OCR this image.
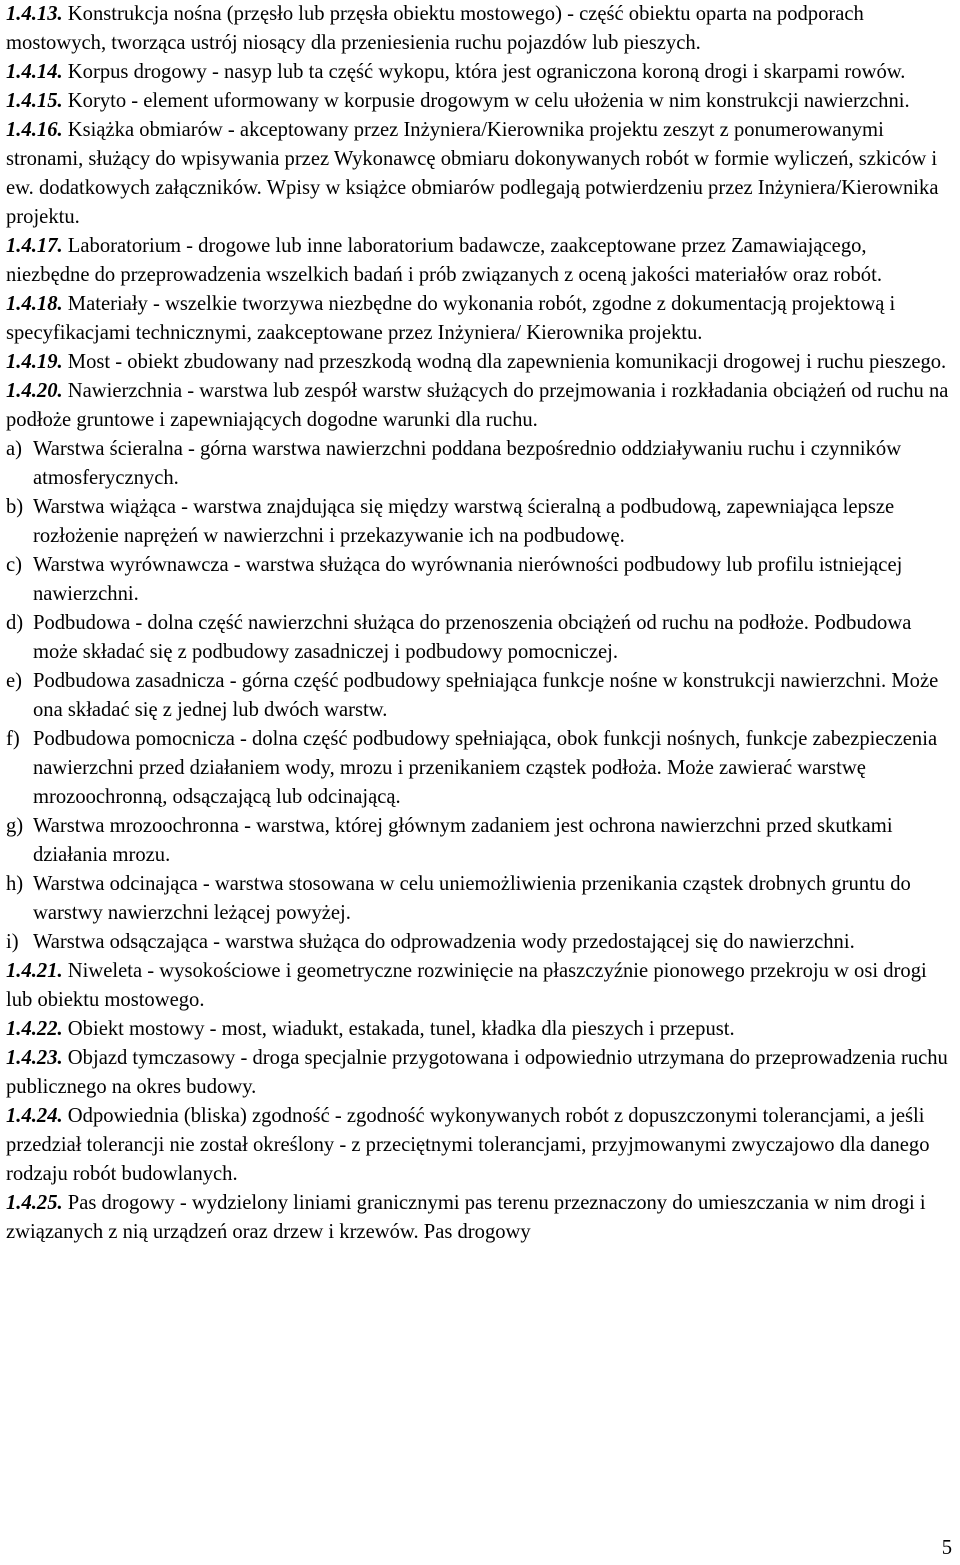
1.4.13. Konstrukcja nośna (przęsło lub przęsła obiektu mostowego) - część obiektu oparta na podporach mostowych, tworząca ustrój niosący dla przeniesienia ruchu pojazdów lub pieszych.

1.4.14. Korpus drogowy - nasyp lub ta część wykopu, która jest ograniczona koroną drogi i skarpami rowów.

1.4.15. Koryto - element uformowany w korpusie drogowym w celu ułożenia w nim konstrukcji nawierzchni.

1.4.16. Książka obmiarów - akceptowany przez Inżyniera/Kierownika projektu zeszyt z ponumerowanymi stronami, służący do wpisywania przez Wykonawcę obmiaru dokonywanych robót w formie wyliczeń, szkiców i ew. dodatkowych załączników. Wpisy w książce obmiarów podlegają potwierdzeniu przez Inżyniera/Kierownika projektu.

1.4.17. Laboratorium - drogowe lub inne laboratorium badawcze, zaakceptowane przez Zamawiającego, niezbędne do przeprowadzenia wszelkich badań i prób związanych z oceną jakości materiałów oraz robót.

1.4.18. Materiały - wszelkie tworzywa niezbędne do wykonania robót, zgodne z dokumentacją projektową i specyfikacjami technicznymi, zaakceptowane przez Inżyniera/ Kierownika projektu.

1.4.19. Most - obiekt zbudowany nad przeszkodą wodną dla zapewnienia komunikacji drogowej i ruchu pieszego.

1.4.20. Nawierzchnia - warstwa lub zespół warstw służących do przejmowania i rozkładania obciążeń od ruchu na podłoże gruntowe i zapewniających dogodne warunki dla ruchu.

a) Warstwa ścieralna - górna warstwa nawierzchni poddana bezpośrednio oddziaływaniu ruchu i czynników atmosferycznych.

b) Warstwa wiążąca - warstwa znajdująca się między warstwą ścieralną a podbudową, zapewniająca lepsze rozłożenie naprężeń w nawierzchni i przekazywanie ich na podbudowę.

c) Warstwa wyrównawcza - warstwa służąca do wyrównania nierówności podbudowy lub profilu istniejącej nawierzchni.

d) Podbudowa - dolna część nawierzchni służąca do przenoszenia obciążeń od ruchu na podłoże. Podbudowa może składać się z podbudowy zasadniczej i podbudowy pomocniczej.

e) Podbudowa zasadnicza - górna część podbudowy spełniająca funkcje nośne w konstrukcji nawierzchni. Może ona składać się z jednej lub dwóch warstw.

f) Podbudowa pomocnicza - dolna część podbudowy spełniająca, obok funkcji nośnych, funkcje zabezpieczenia nawierzchni przed działaniem wody, mrozu i przenikaniem cząstek podłoża. Może zawierać warstwę mrozoochronną, odsączającą lub odcinającą.

g) Warstwa mrozoochronna - warstwa, której głównym zadaniem jest ochrona nawierzchni przed skutkami działania mrozu.

h) Warstwa odcinająca - warstwa stosowana w celu uniemożliwienia przenikania cząstek drobnych gruntu do warstwy nawierzchni leżącej powyżej.

i) Warstwa odsączająca - warstwa służąca do odprowadzenia wody przedostającej się do nawierzchni.

1.4.21. Niweleta - wysokościowe i geometryczne rozwinięcie na płaszczyźnie pionowego przekroju w osi drogi lub obiektu mostowego.

1.4.22. Obiekt mostowy - most, wiadukt, estakada, tunel, kładka dla pieszych i przepust.

1.4.23. Objazd tymczasowy - droga specjalnie przygotowana i odpowiednio utrzymana do przeprowadzenia ruchu publicznego na okres budowy.

1.4.24. Odpowiednia (bliska) zgodność - zgodność wykonywanych robót z dopuszczonymi tolerancjami, a jeśli przedział tolerancji nie został określony - z przeciętnymi tolerancjami, przyjmowanymi zwyczajowo dla danego rodzaju robót budowlanych.

1.4.25. Pas drogowy - wydzielony liniami granicznymi pas terenu przeznaczony do umieszczania w nim drogi i związanych z nią urządzeń oraz drzew i krzewów. Pas drogowy

5
